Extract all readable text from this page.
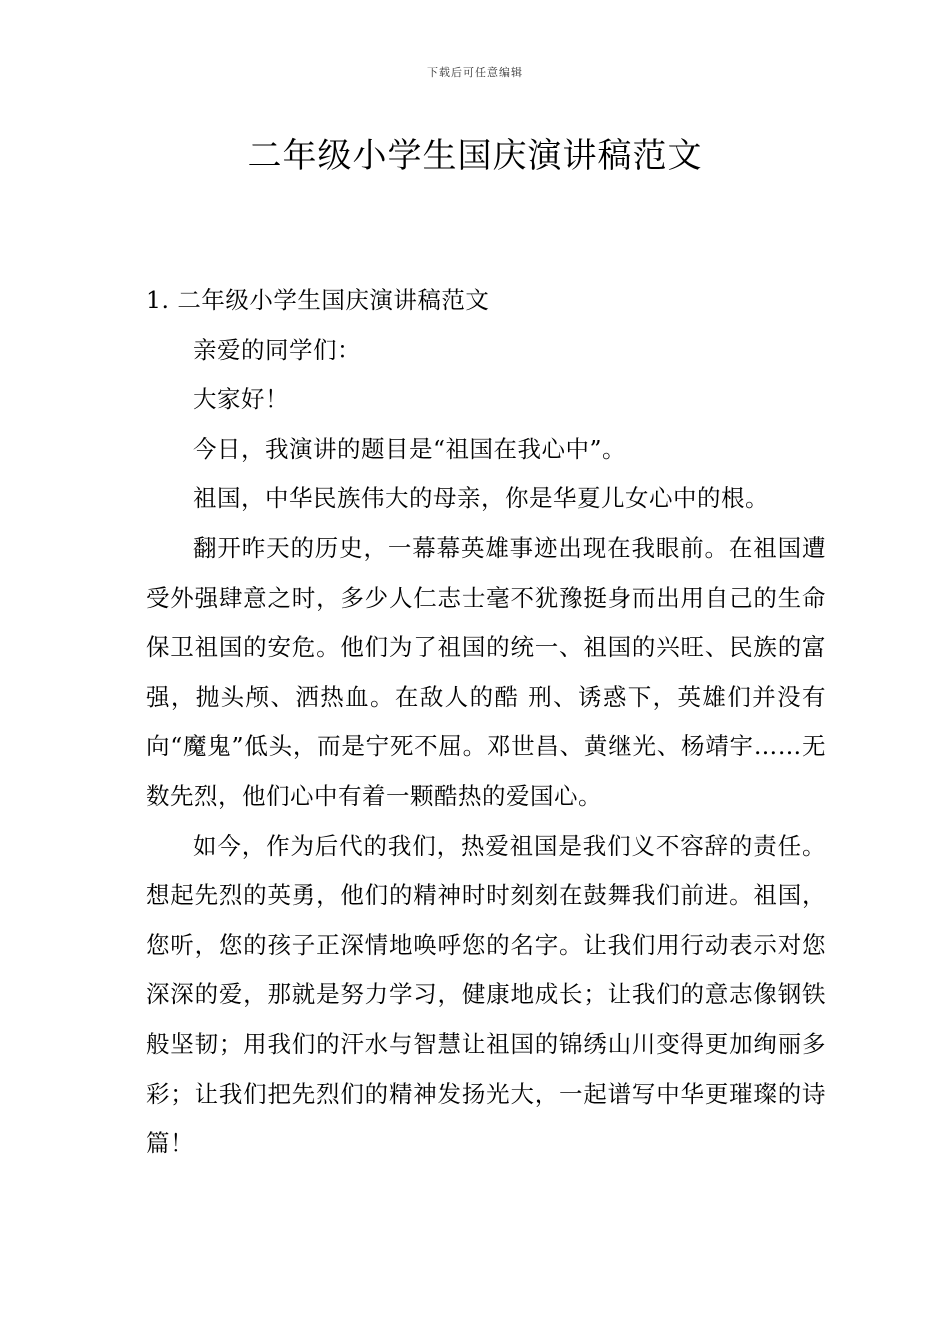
下载后可任意编辑
二年级小学生国庆演讲稿范文

1. 二年级小学生国庆演讲稿范文

亲爱的同学们：

大家好！

今日，我演讲的题目是“祖国在我心中”。

祖国，中华民族伟大的母亲，你是华夏儿女心中的根。

翻开昨天的历史，一幕幕英雄事迹出现在我眼前。在祖国遭受外强肆意之时，多少人仁志士毫不犹豫挺身而出用自己的生命保卫祖国的安危。他们为了祖国的统一、祖国的兴旺、民族的富强，抛头颅、洒热血。在敌人的酷 刑、诱惑下，英雄们并没有向“魔鬼”低头，而是宁死不屈。邓世昌、黄继光、杨靖宇……无数先烈，他们心中有着一颗酷热的爱国心。

如今，作为后代的我们，热爱祖国是我们义不容辞的责任。想起先烈的英勇，他们的精神时时刻刻在鼓舞我们前进。祖国，您听，您的孩子正深情地唤呼您的名字。让我们用行动表示对您深深的爱，那就是努力学习，健康地成长；让我们的意志像钢铁般坚韧；用我们的汗水与智慧让祖国的锦绣山川变得更加绚丽多彩；让我们把先烈们的精神发扬光大，一起谱写中华更璀璨的诗篇！
